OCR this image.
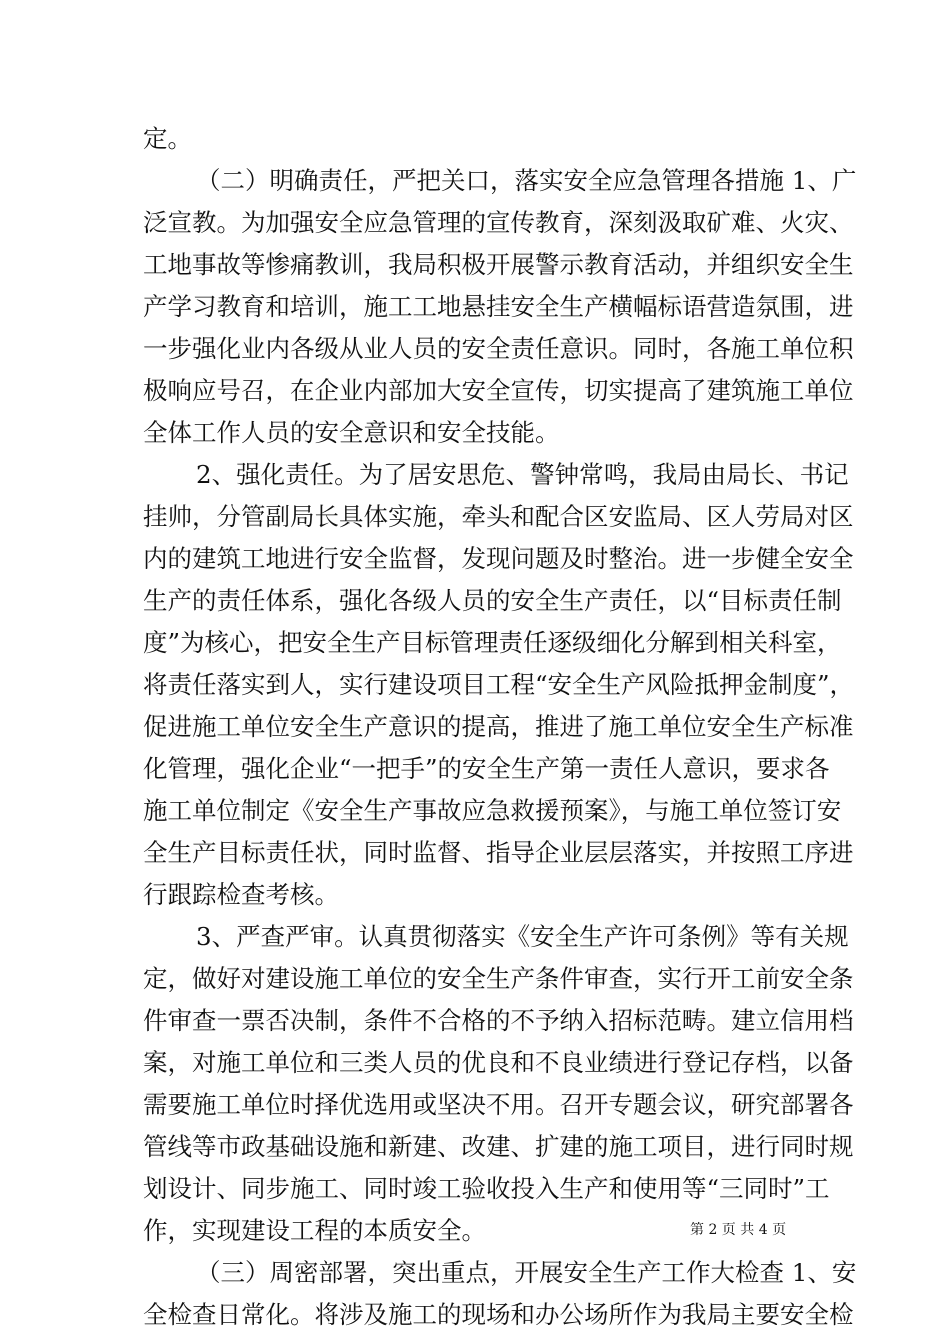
定。
（二）明确责任，严把关口，落实安全应急管理各措施 1、广
泛宣教。为加强安全应急管理的宣传教育，深刻汲取矿难、火灾、
工地事故等惨痛教训，我局积极开展警示教育活动，并组织安全生
产学习教育和培训，施工工地悬挂安全生产横幅标语营造氛围，进
一步强化业内各级从业人员的安全责任意识。同时，各施工单位积
极响应号召，在企业内部加大安全宣传，切实提高了建筑施工单位
全体工作人员的安全意识和安全技能。
2、强化责任。为了居安思危、警钟常鸣，我局由局长、书记
挂帅，分管副局长具体实施，牵头和配合区安监局、区人劳局对区
内的建筑工地进行安全监督，发现问题及时整治。进一步健全安全
生产的责任体系，强化各级人员的安全生产责任，以“目标责任制
度”为核心，把安全生产目标管理责任逐级细化分解到相关科室，
将责任落实到人，实行建设项目工程“安全生产风险抵押金制度”，
促进施工单位安全生产意识的提高，推进了施工单位安全生产标准
化管理，强化企业“一把手”的安全生产第一责任人意识，要求各
施工单位制定《安全生产事故应急救援预案》，与施工单位签订安
全生产目标责任状，同时监督、指导企业层层落实，并按照工序进
行跟踪检查考核。
3、严查严审。认真贯彻落实《安全生产许可条例》等有关规
定，做好对建设施工单位的安全生产条件审查，实行开工前安全条
件审查一票否决制，条件不合格的不予纳入招标范畴。建立信用档
案，对施工单位和三类人员的优良和不良业绩进行登记存档，以备
需要施工单位时择优选用或坚决不用。召开专题会议，研究部署各
管线等市政基础设施和新建、改建、扩建的施工项目，进行同时规
划设计、同步施工、同时竣工验收投入生产和使用等“三同时”工
作，实现建设工程的本质安全。
（三）周密部署，突出重点，开展安全生产工作大检查 1、安
全检查日常化。将涉及施工的现场和办公场所作为我局主要安全检
第 2 页 共 4 页
